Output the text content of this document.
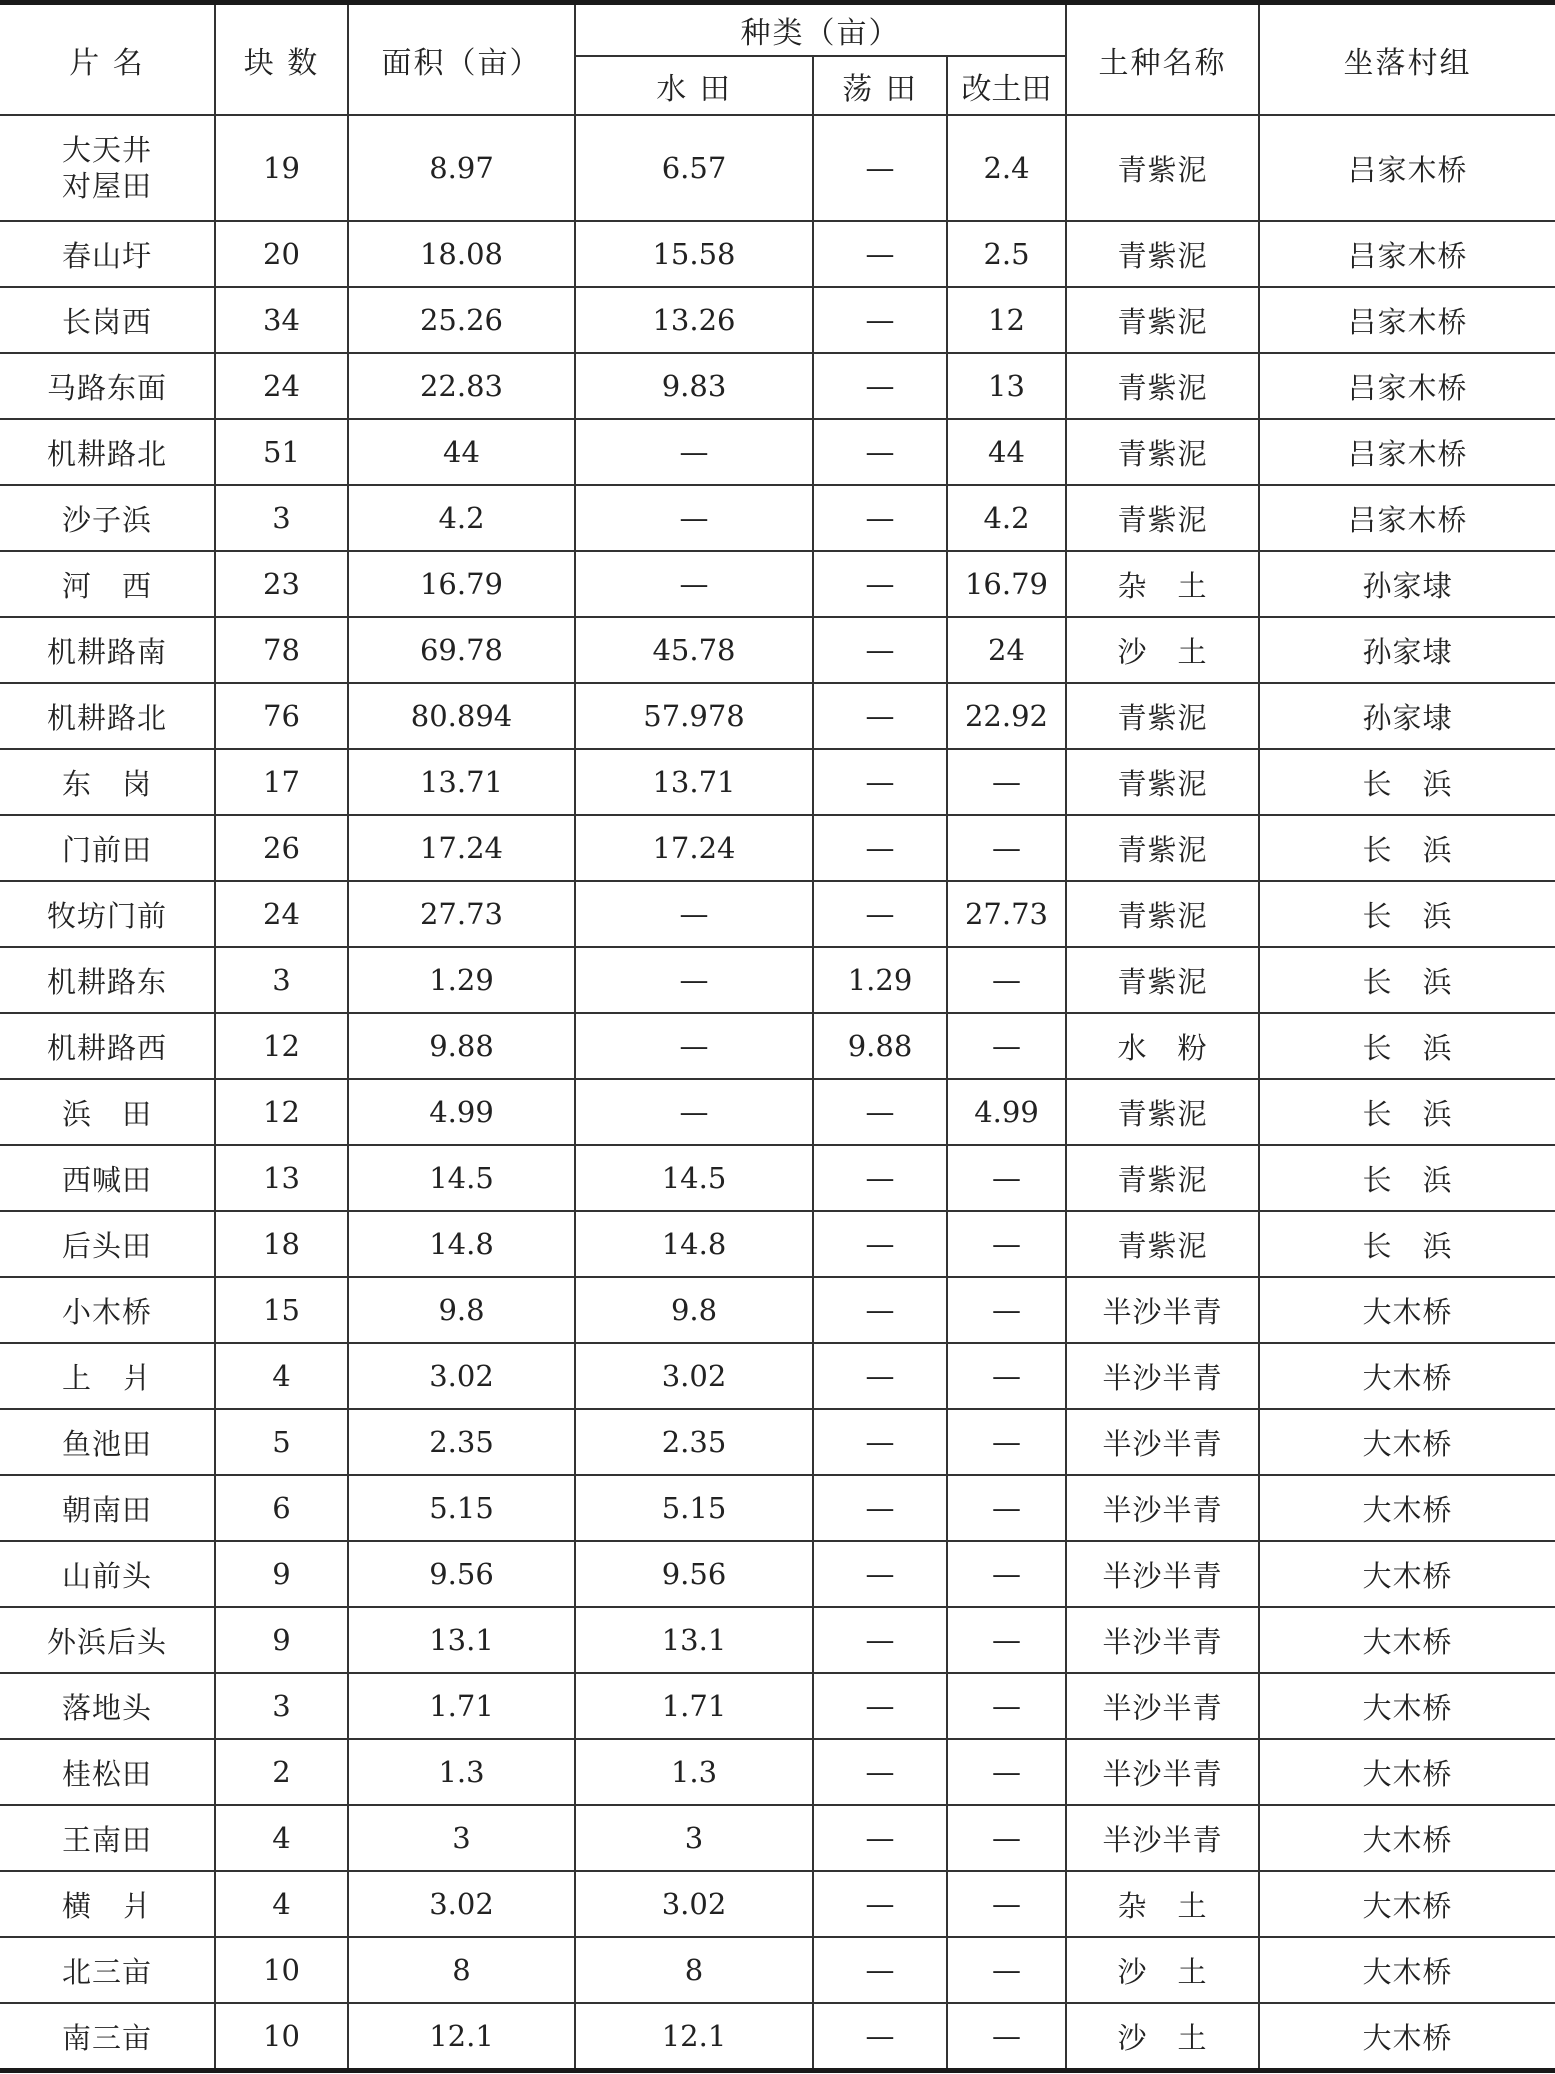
片 名	块 数	面积（亩）	种类（亩）			土种名称	坐落村组
			水 田	荡 田	改土田		

大天井
对屋田	19	8.97	6.57	—	2.4	青紫泥	吕家木桥
春山圩	20	18.08	15.58	—	2.5	青紫泥	吕家木桥
长岗西	34	25.26	13.26	—	12	青紫泥	吕家木桥
马路东面	24	22.83	9.83	—	13	青紫泥	吕家木桥
机耕路北	51	44	—	—	44	青紫泥	吕家木桥
沙子浜	3	4.2	—	—	4.2	青紫泥	吕家木桥
河　西	23	16.79	—	—	16.79	杂　土	孙家埭
机耕路南	78	69.78	45.78	—	24	沙　土	孙家埭
机耕路北	76	80.894	57.978	—	22.92	青紫泥	孙家埭
东　岗	17	13.71	13.71	—	—	青紫泥	长　浜
门前田	26	17.24	17.24	—	—	青紫泥	长　浜
牧坊门前	24	27.73	—	—	27.73	青紫泥	长　浜
机耕路东	3	1.29	—	1.29	—	青紫泥	长　浜
机耕路西	12	9.88	—	9.88	—	水　粉	长　浜
浜　田	12	4.99	—	—	4.99	青紫泥	长　浜
西喊田	13	14.5	14.5	—	—	青紫泥	长　浜
后头田	18	14.8	14.8	—	—	青紫泥	长　浜
小木桥	15	9.8	9.8	—	—	半沙半青	大木桥
上　爿	4	3.02	3.02	—	—	半沙半青	大木桥
鱼池田	5	2.35	2.35	—	—	半沙半青	大木桥
朝南田	6	5.15	5.15	—	—	半沙半青	大木桥
山前头	9	9.56	9.56	—	—	半沙半青	大木桥
外浜后头	9	13.1	13.1	—	—	半沙半青	大木桥
落地头	3	1.71	1.71	—	—	半沙半青	大木桥
桂松田	2	1.3	1.3	—	—	半沙半青	大木桥
王南田	4	3	3	—	—	半沙半青	大木桥
横　爿	4	3.02	3.02	—	—	杂　土	大木桥
北三亩	10	8	8	—	—	沙　土	大木桥
南三亩	10	12.1	12.1	—	—	沙　土	大木桥
